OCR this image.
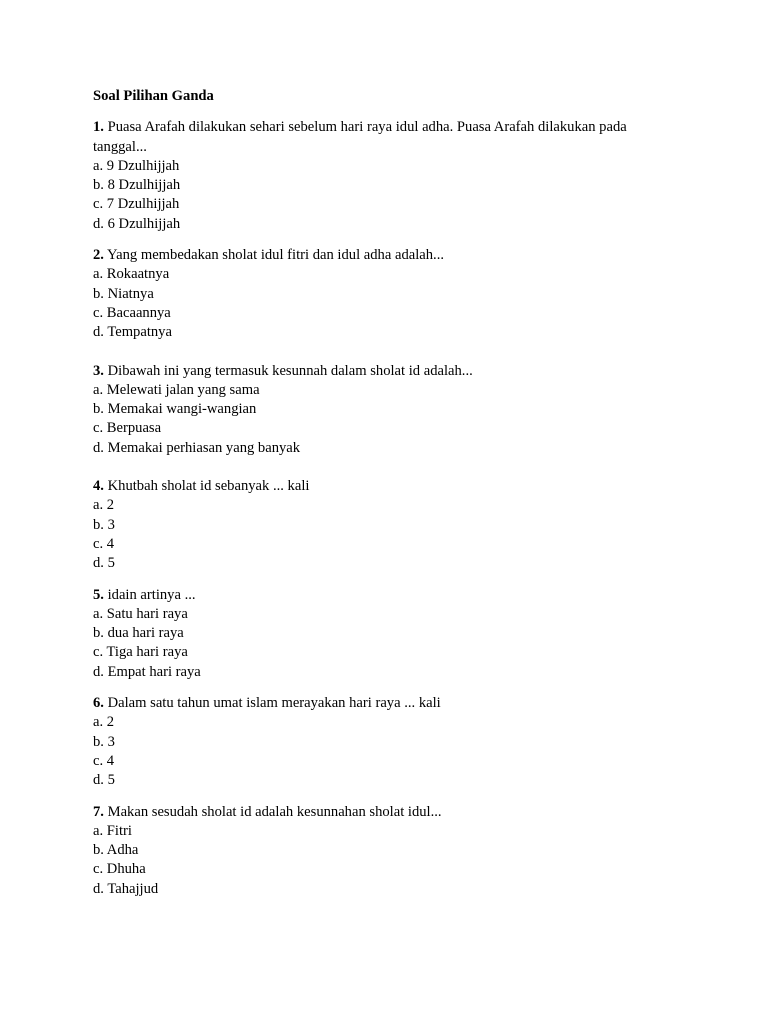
Soal Pilihan Ganda
1. Puasa Arafah dilakukan sehari sebelum hari raya idul adha. Puasa Arafah dilakukan pada tanggal...
a. 9 Dzulhijjah
b. 8 Dzulhijjah
c. 7 Dzulhijjah
d. 6 Dzulhijjah
2. Yang membedakan sholat idul fitri dan idul adha adalah...
a. Rokaatnya
b. Niatnya
c. Bacaannya
d. Tempatnya
3. Dibawah ini yang termasuk kesunnah dalam sholat id adalah...
a. Melewati jalan yang sama
b. Memakai wangi-wangian
c. Berpuasa
d. Memakai perhiasan yang banyak
4. Khutbah sholat id sebanyak ... kali
a. 2
b. 3
c. 4
d. 5
5. idain artinya ...
a. Satu hari raya
b. dua hari raya
c. Tiga hari raya
d. Empat hari raya
6. Dalam satu tahun umat islam merayakan hari raya ... kali
a. 2
b. 3
c. 4
d. 5
7. Makan sesudah sholat id adalah kesunnahan sholat idul...
a. Fitri
b. Adha
c. Dhuha
d. Tahajjud
